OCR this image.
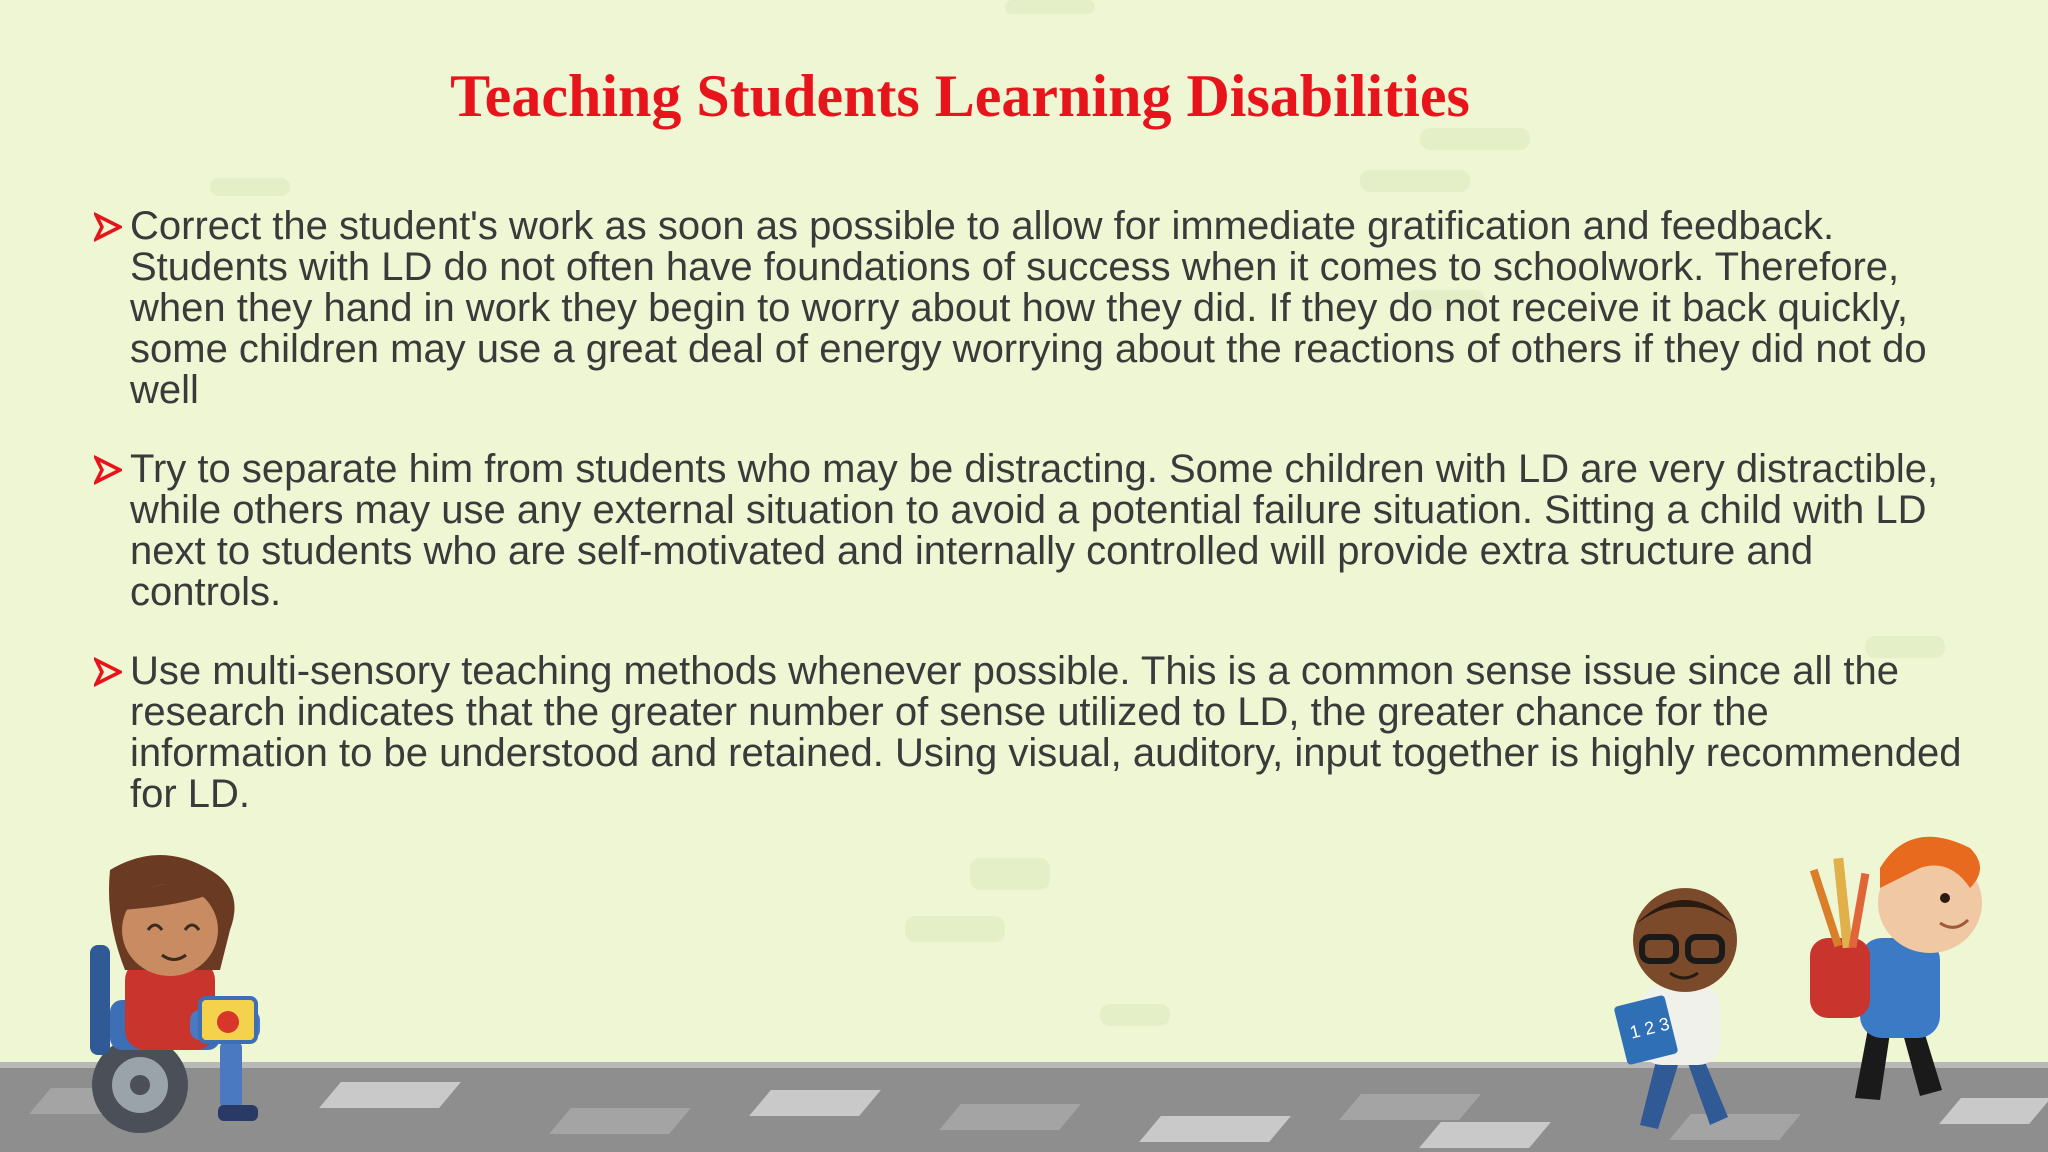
Teaching Students Learning Disabilities
Correct the student's work as soon as possible to allow for immediate gratification and feedback. Students with LD do not often have foundations of success when it comes to schoolwork. Therefore, when they hand in work they begin to worry about how they did. If they do not receive it back quickly, some children may use a great deal of energy worrying about the reactions of others if they did not do well
Try to separate him from students who may be distracting. Some children with LD are very distractible, while others may use any external situation to avoid a potential failure situation. Sitting a child with LD next to students who are self-motivated and internally controlled will provide extra structure and controls.
Use multi-sensory teaching methods whenever possible. This is a common sense issue since all the research indicates that the greater number of sense utilized to LD, the greater chance for the information to be understood and retained. Using visual, auditory, input together is highly recommended for LD.
1 2 3
